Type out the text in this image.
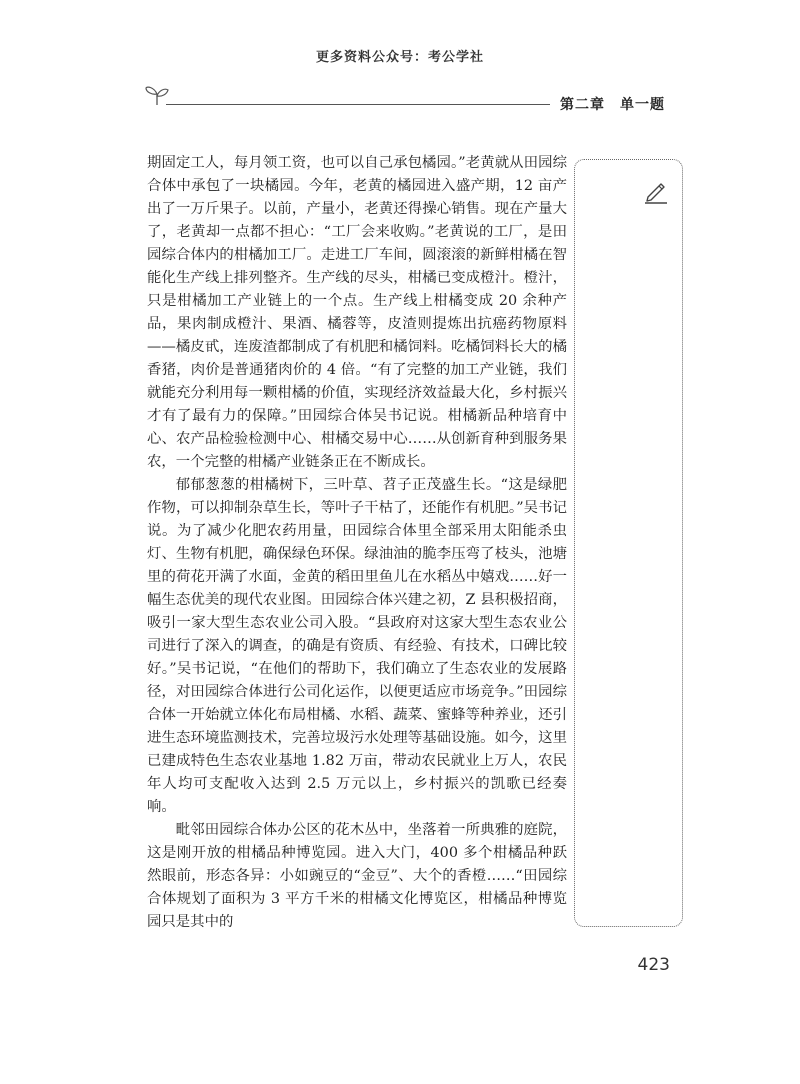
更多资料公众号：考公学社
第二章　单一题

期固定工人，每月领工资，也可以自己承包橘园。”老黄就从田园综合体中承包了一块橘园。今年，老黄的橘园进入盛产期，12 亩产出了一万斤果子。以前，产量小，老黄还得操心销售。现在产量大了，老黄却一点都不担心：“工厂会来收购。”老黄说的工厂，是田园综合体内的柑橘加工厂。走进工厂车间，圆滚滚的新鲜柑橘在智能化生产线上排列整齐。生产线的尽头，柑橘已变成橙汁。橙汁，只是柑橘加工产业链上的一个点。生产线上柑橘变成 20 余种产品，果肉制成橙汁、果酒、橘蓉等，皮渣则提炼出抗癌药物原料——橘皮甙，连废渣都制成了有机肥和橘饲料。吃橘饲料长大的橘香猪，肉价是普通猪肉价的 4 倍。“有了完整的加工产业链，我们就能充分利用每一颗柑橘的价值，实现经济效益最大化，乡村振兴才有了最有力的保障。”田园综合体吴书记说。柑橘新品种培育中心、农产品检验检测中心、柑橘交易中心……从创新育种到服务果农，一个完整的柑橘产业链条正在不断成长。

郁郁葱葱的柑橘树下，三叶草、苕子正茂盛生长。“这是绿肥作物，可以抑制杂草生长，等叶子干枯了，还能作有机肥。”吴书记说。为了减少化肥农药用量，田园综合体里全部采用太阳能杀虫灯、生物有机肥，确保绿色环保。绿油油的脆李压弯了枝头，池塘里的荷花开满了水面，金黄的稻田里鱼儿在水稻丛中嬉戏……好一幅生态优美的现代农业图。田园综合体兴建之初，Z 县积极招商，吸引一家大型生态农业公司入股。“县政府对这家大型生态农业公司进行了深入的调查，的确是有资质、有经验、有技术，口碑比较好。”吴书记说，“在他们的帮助下，我们确立了生态农业的发展路径，对田园综合体进行公司化运作，以便更适应市场竞争。”田园综合体一开始就立体化布局柑橘、水稻、蔬菜、蜜蜂等种养业，还引进生态环境监测技术，完善垃圾污水处理等基础设施。如今，这里已建成特色生态农业基地 1.82 万亩，带动农民就业上万人，农民年人均可支配收入达到 2.5 万元以上，乡村振兴的凯歌已经奏响。

毗邻田园综合体办公区的花木丛中，坐落着一所典雅的庭院，这是刚开放的柑橘品种博览园。进入大门，400 多个柑橘品种跃然眼前，形态各异：小如豌豆的“金豆”、大个的香橙……“田园综合体规划了面积为 3 平方千米的柑橘文化博览区，柑橘品种博览园只是其中的

423
